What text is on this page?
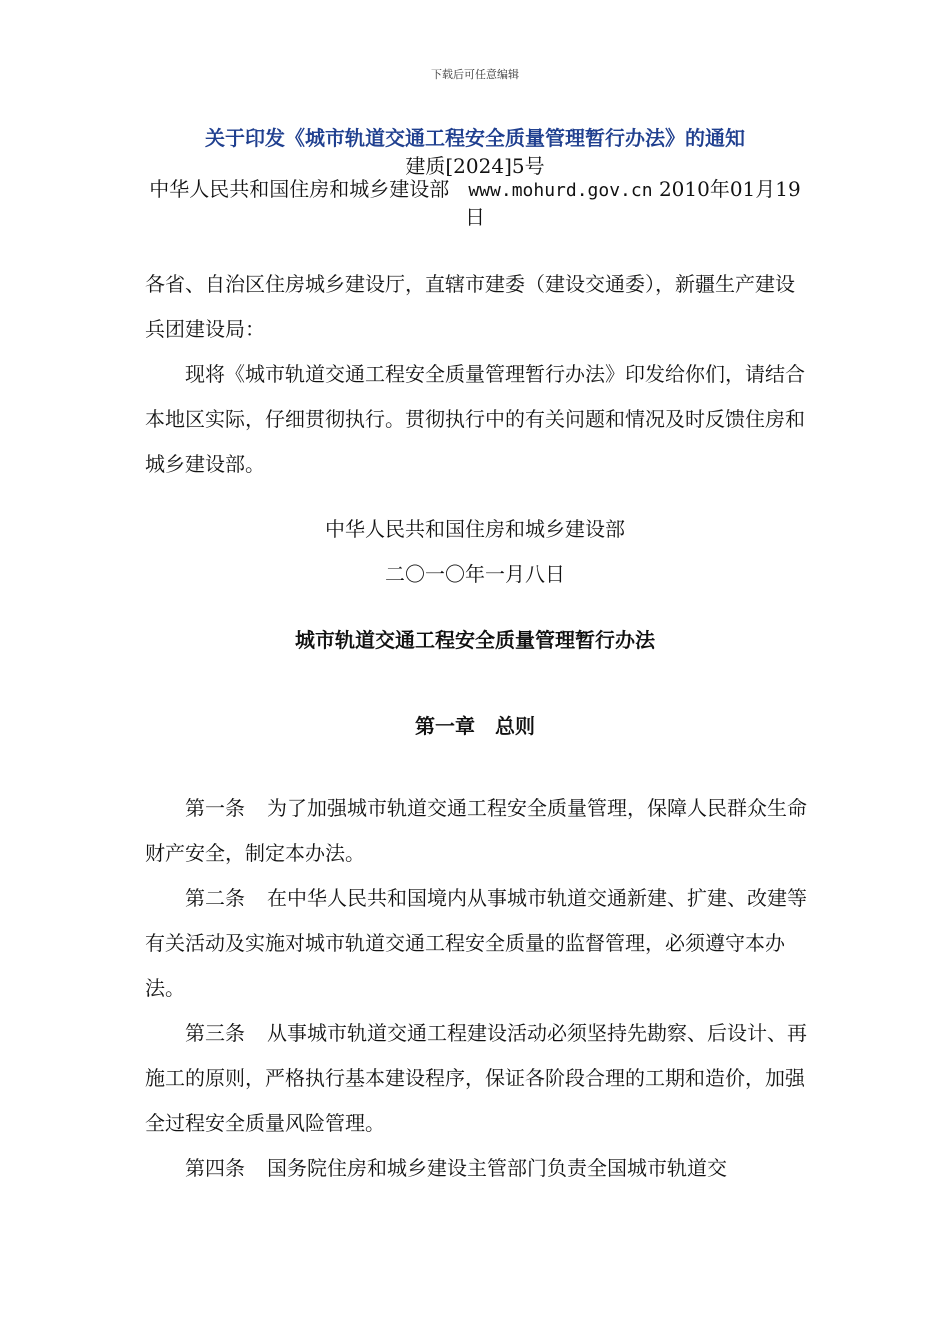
下载后可任意编辑
关于印发《城市轨道交通工程安全质量管理暂行办法》的通知
建质[2024]5号
中华人民共和国住房和城乡建设部 www.mohurd.gov.cn 2010年01月19日

各省、自治区住房城乡建设厅，直辖市建委（建设交通委），新疆生产建设兵团建设局：

现将《城市轨道交通工程安全质量管理暂行办法》印发给你们，请结合本地区实际，仔细贯彻执行。贯彻执行中的有关问题和情况及时反馈住房和城乡建设部。

中华人民共和国住房和城乡建设部
二〇一〇年一月八日
城市轨道交通工程安全质量管理暂行办法
第一章　总则

第一条 为了加强城市轨道交通工程安全质量管理，保障人民群众生命财产安全，制定本办法。

第二条 在中华人民共和国境内从事城市轨道交通新建、扩建、改建等有关活动及实施对城市轨道交通工程安全质量的监督管理，必须遵守本办法。

第三条 从事城市轨道交通工程建设活动必须坚持先勘察、后设计、再施工的原则，严格执行基本建设程序，保证各阶段合理的工期和造价，加强全过程安全质量风险管理。

第四条 国务院住房和城乡建设主管部门负责全国城市轨道交
